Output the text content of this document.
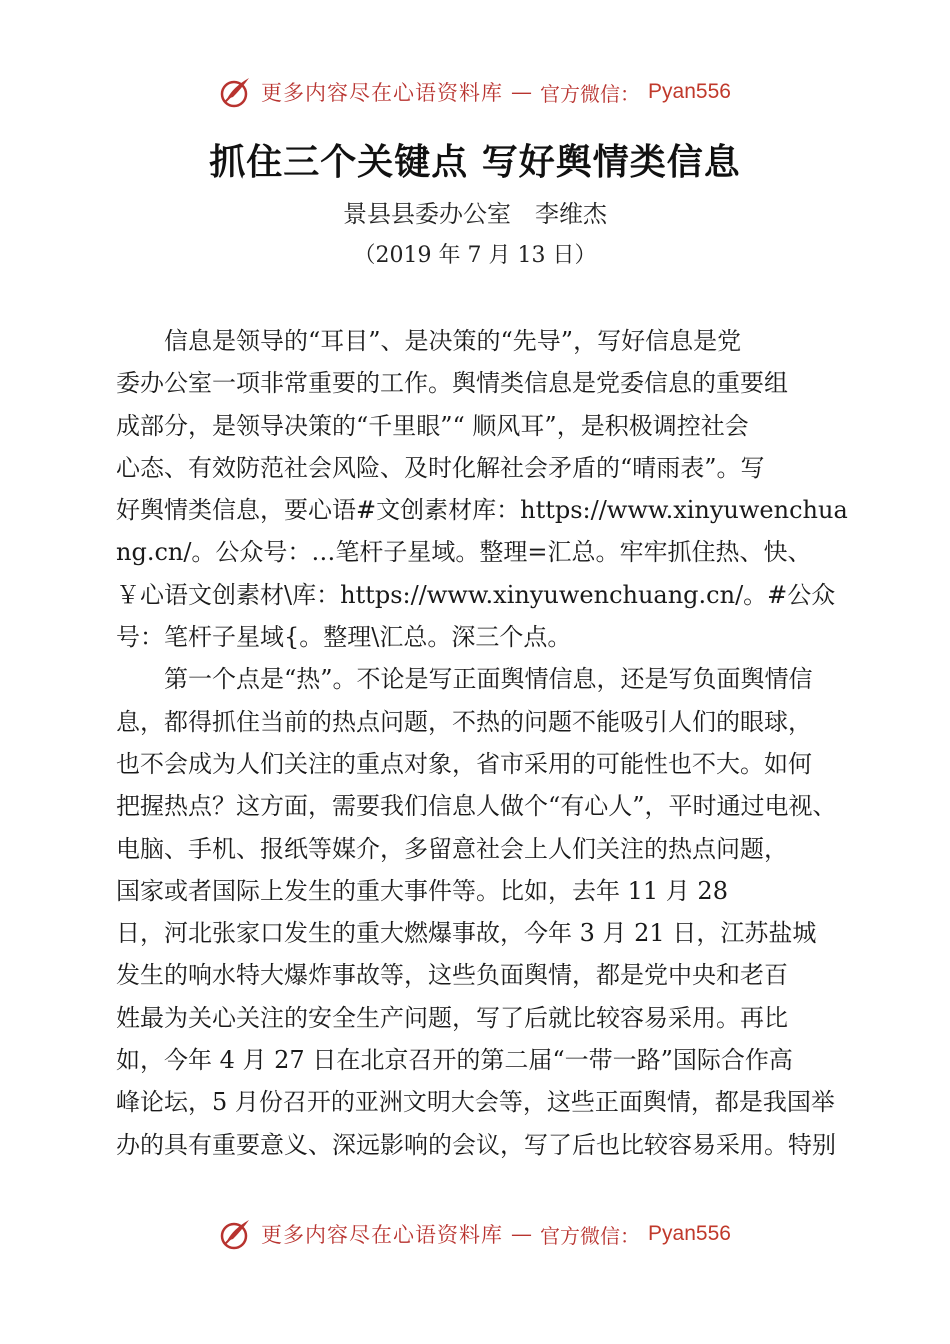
更多内容尽在心语资料库 — 官方微信： Pyan556
抓住三个关键点 写好舆情类信息
景县县委办公室　李维杰
（2019 年 7 月 13 日）
信息是领导的“耳目”、是决策的“先导”，写好信息是党
委办公室一项非常重要的工作。舆情类信息是党委信息的重要组
成部分，是领导决策的“千里眼”“ 顺风耳”，是积极调控社会
心态、有效防范社会风险、及时化解社会矛盾的“晴雨表”。写
好舆情类信息，要心语#文创素材库：https://www.xinyuwenchua
ng.cn/。公众号：…笔杆子星域。整理=汇总。牢牢抓住热、快、
￥心语文创素材\库：https://www.xinyuwenchuang.cn/。#公众
号：笔杆子星域{。整理\汇总。深三个点。
第一个点是“热”。不论是写正面舆情信息，还是写负面舆情信
息，都得抓住当前的热点问题，不热的问题不能吸引人们的眼球，
也不会成为人们关注的重点对象，省市采用的可能性也不大。如何
把握热点？这方面，需要我们信息人做个“有心人”，平时通过电视、
电脑、手机、报纸等媒介，多留意社会上人们关注的热点问题，
国家或者国际上发生的重大事件等。比如，去年 11 月 28
日，河北张家口发生的重大燃爆事故，今年 3 月 21 日，江苏盐城
发生的响水特大爆炸事故等，这些负面舆情，都是党中央和老百
姓最为关心关注的安全生产问题，写了后就比较容易采用。再比
如，今年 4 月 27 日在北京召开的第二届“一带一路”国际合作高
峰论坛，5 月份召开的亚洲文明大会等，这些正面舆情，都是我国举
办的具有重要意义、深远影响的会议，写了后也比较容易采用。特别
更多内容尽在心语资料库 — 官方微信： Pyan556
